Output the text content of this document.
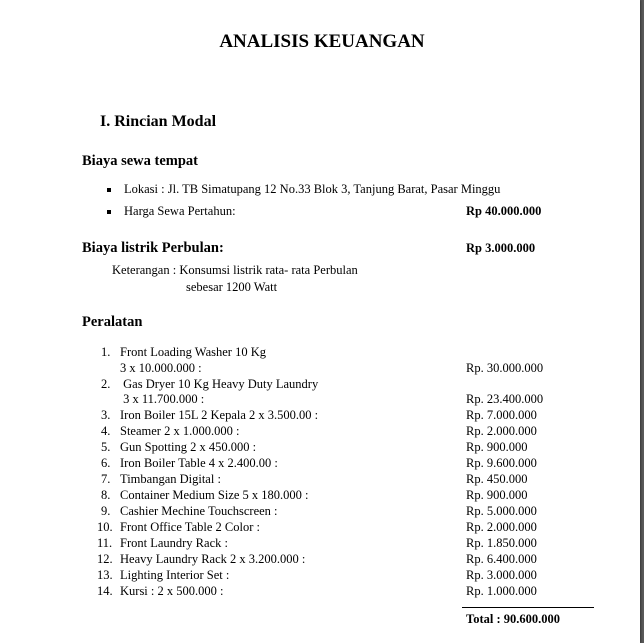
ANALISIS KEUANGAN
I. Rincian Modal
Biaya sewa tempat
Lokasi : Jl. TB Simatupang 12 No.33 Blok 3, Tanjung Barat, Pasar Minggu
Harga Sewa Pertahun:	Rp 40.000.000
Biaya listrik Perbulan:	Rp 3.000.000
Keterangan : Konsumsi listrik rata- rata Perbulan
sebesar 1200 Watt
Peralatan
1. Front Loading Washer 10 Kg
3 x 10.000.000 :	Rp. 30.000.000
2. Gas Dryer 10 Kg Heavy Duty Laundry
3 x 11.700.000 :	Rp. 23.400.000
3. Iron Boiler 15L 2 Kepala 2 x 3.500.00 :	Rp. 7.000.000
4. Steamer 2 x 1.000.000 :	Rp. 2.000.000
5. Gun Spotting 2 x 450.000 :	Rp. 900.000
6. Iron Boiler Table 4 x 2.400.00 :	Rp. 9.600.000
7. Timbangan Digital :	Rp. 450.000
8. Container Medium Size 5 x 180.000 :	Rp. 900.000
9. Cashier Mechine Touchscreen :	Rp. 5.000.000
10. Front Office Table 2 Color :	Rp. 2.000.000
11. Front Laundry Rack :	Rp. 1.850.000
12. Heavy Laundry Rack 2 x 3.200.000 :	Rp. 6.400.000
13. Lighting Interior Set :	Rp. 3.000.000
14. Kursi : 2 x 500.000 :	Rp. 1.000.000
Total : 90.600.000
